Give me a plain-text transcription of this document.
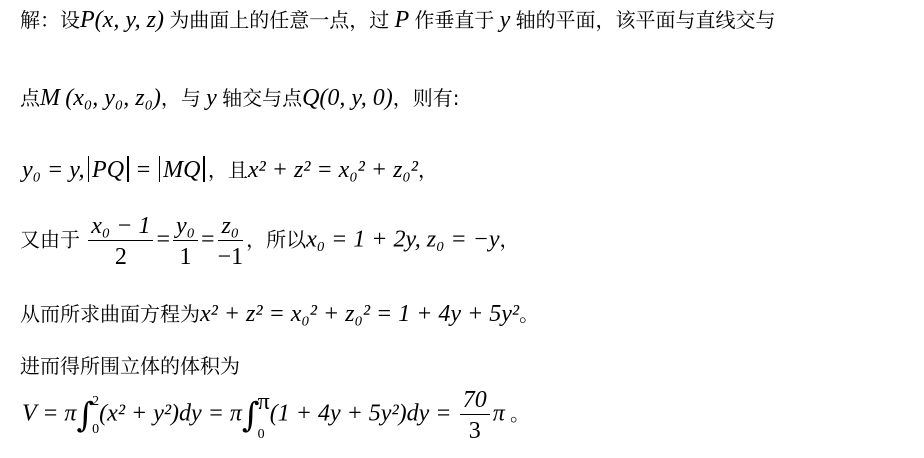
解：设P(x, y, z) 为曲面上的任意一点，过 P 作垂直于 y 轴的平面，该平面与直线交与
点M (x₀, y₀, z₀)，与 y 轴交与点Q(0, y, 0)，则有:
y₀ = y, PQ = MQ ，且x² + z² = x₀² + z₀²，
又由于 $\frac{\text{x₀ − 1}}{2} = \frac{\text{y₀}}{1} = \frac{\text{z₀}}{-1}$ ，所以x₀ = 1 + 2y, z₀ = −y，
从而所求曲面方程为x² + z² = x₀² + z₀² = 1 + 4y + 5y²。
进而得所围立体的体积为
V = π∫
2
0
(x² + y²)dy = π∫
π
0
$(1 + 4y + 5y^2)dy = \frac{70}{3}$ π 。
